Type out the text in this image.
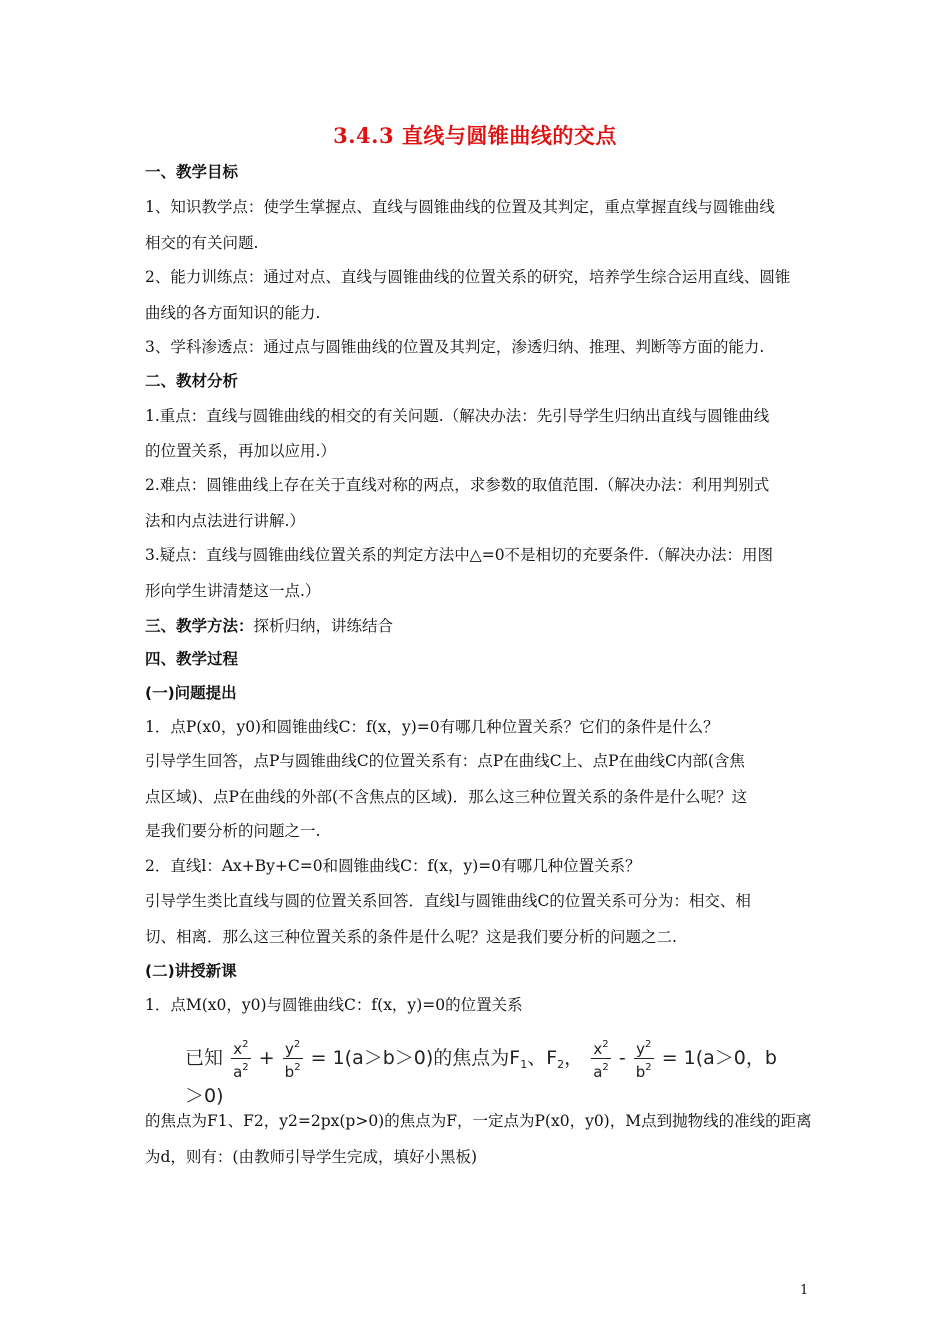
3.4.3 直线与圆锥曲线的交点
一、教学目标
1、知识教学点：使学生掌握点、直线与圆锥曲线的位置及其判定，重点掌握直线与圆锥曲线
相交的有关问题.
2、能力训练点：通过对点、直线与圆锥曲线的位置关系的研究，培养学生综合运用直线、圆锥
曲线的各方面知识的能力.
3、学科渗透点：通过点与圆锥曲线的位置及其判定，渗透归纳、推理、判断等方面的能力.
二、教材分析
1.重点：直线与圆锥曲线的相交的有关问题.（解决办法：先引导学生归纳出直线与圆锥曲线
的位置关系，再加以应用.）
2.难点：圆锥曲线上存在关于直线对称的两点，求参数的取值范围.（解决办法：利用判别式
法和内点法进行讲解.）
3.疑点：直线与圆锥曲线位置关系的判定方法中△=0不是相切的充要条件.（解决办法：用图
形向学生讲清楚这一点.）
三、教学方法：探析归纳，讲练结合
四、教学过程
(一)问题提出
1．点P(x0，y0)和圆锥曲线C：f(x，y)=0有哪几种位置关系？它们的条件是什么？
引导学生回答，点P与圆锥曲线C的位置关系有：点P在曲线C上、点P在曲线C内部(含焦
点区域)、点P在曲线的外部(不含焦点的区域)．那么这三种位置关系的条件是什么呢？这
是我们要分析的问题之一.
2．直线l：Ax+By+C=0和圆锥曲线C：f(x，y)=0有哪几种位置关系？
引导学生类比直线与圆的位置关系回答．直线l与圆锥曲线C的位置关系可分为：相交、相
切、相离．那么这三种位置关系的条件是什么呢？这是我们要分析的问题之二.
(二)讲授新课
1．点M(x0，y0)与圆锥曲线C：f(x，y)=0的位置关系
已知 $\frac{x^2}{a^2} + \frac{y^2}{b^2} = 1(a>b>0)$的焦点为$F_1$、$F_2$， $\frac{x^2}{a^2} - \frac{y^2}{b^2} = 1(a>0$，b＞0)
的焦点为F1、F2，y2=2px(p>0)的焦点为F，一定点为P(x0，y0)，M点到抛物线的准线的距离
为d，则有：(由教师引导学生完成，填好小黑板)
1
